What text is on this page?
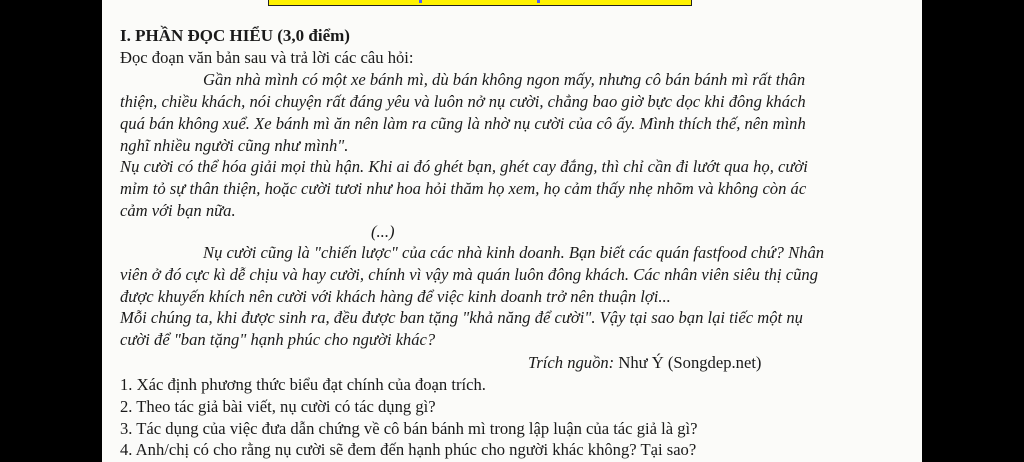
I. PHẦN ĐỌC HIỂU (3,0 điểm)
Đọc đoạn văn bản sau và trả lời các câu hỏi:
Gần nhà mình có một xe bánh mì, dù bán không ngon mấy, nhưng cô bán bánh mì rất thân
thiện, chiều khách, nói chuyện rất đáng yêu và luôn nở nụ cười, chẳng bao giờ bực dọc khi đông khách
quá bán không xuể. Xe bánh mì ăn nên làm ra cũng là nhờ nụ cười của cô ấy. Mình thích thế, nên mình
nghĩ nhiều người cũng như mình".
Nụ cười có thể hóa giải mọi thù hận. Khi ai đó ghét bạn, ghét cay đắng, thì chỉ cần đi lướt qua họ, cười
mỉm tỏ sự thân thiện, hoặc cười tươi như hoa hỏi thăm họ xem, họ cảm thấy nhẹ nhõm và không còn ác
cảm với bạn nữa.
(...)
Nụ cười cũng là "chiến lược" của các nhà kinh doanh. Bạn biết các quán fastfood chứ? Nhân
viên ở đó cực kì dễ chịu và hay cười, chính vì vậy mà quán luôn đông khách. Các nhân viên siêu thị cũng
được khuyến khích nên cười với khách hàng để việc kinh doanh trở nên thuận lợi...
Mỗi chúng ta, khi được sinh ra, đều được ban tặng "khả năng để cười". Vậy tại sao bạn lại tiếc một nụ
cười để "ban tặng" hạnh phúc cho người khác?
Trích nguồn: Như Ý (Songdep.net)
1. Xác định phương thức biểu đạt chính của đoạn trích.
2. Theo tác giả bài viết, nụ cười có tác dụng gì?
3. Tác dụng của việc đưa dẫn chứng về cô bán bánh mì trong lập luận của tác giả là gì?
4. Anh/chị có cho rằng nụ cười sẽ đem đến hạnh phúc cho người khác không? Tại sao?
